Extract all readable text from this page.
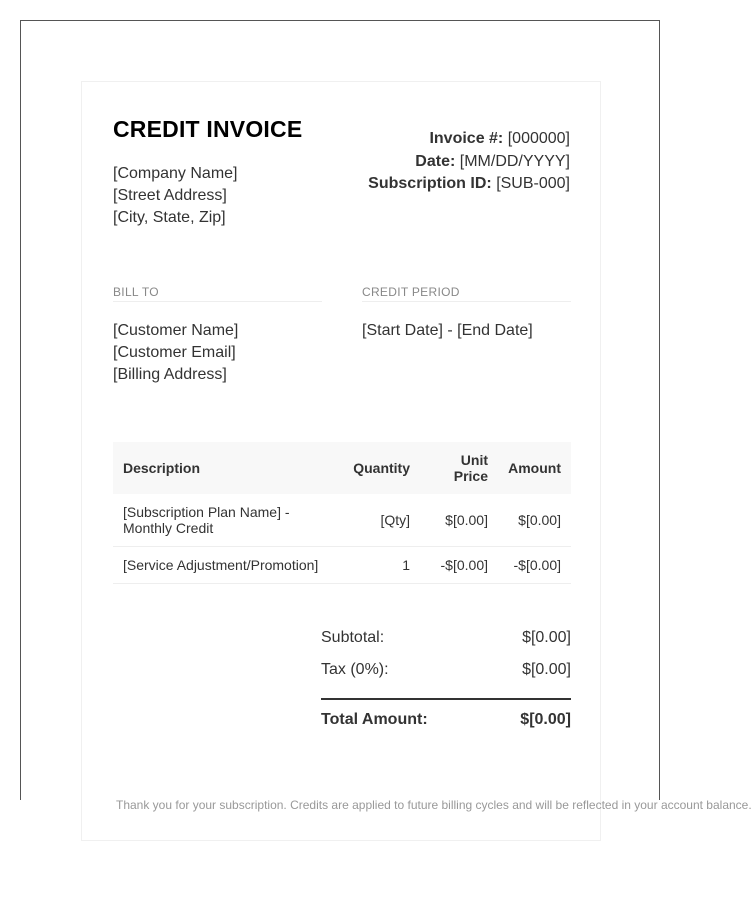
CREDIT INVOICE
[Company Name]
[Street Address]
[City, State, Zip]
Invoice #: [000000]
Date: [MM/DD/YYYY]
Subscription ID: [SUB-000]
BILL TO	CREDIT PERIOD
[Customer Name]
[Customer Email]
[Billing Address]
[Start Date] - [End Date]
Description	Quantity	Unit Price	Amount
[Subscription Plan Name] - Monthly Credit	[Qty]	$[0.00]	$[0.00]
[Service Adjustment/Promotion]	1	-$[0.00]	-$[0.00]
Subtotal:	$[0.00]
Tax (0%):	$[0.00]
Total Amount:	$[0.00]
Thank you for your subscription. Credits are applied to future billing cycles and will be reflected in your account balance.
